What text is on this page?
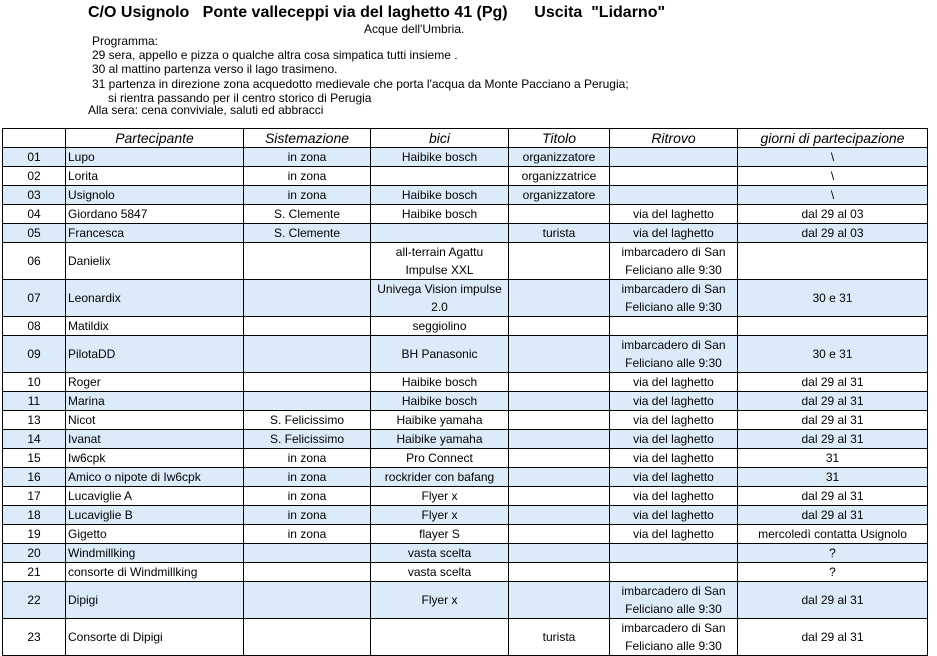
C/O Usignolo   Ponte valleceppi via del laghetto 41 (Pg)      Uscita  "Lidarno"
Acque dell'Umbria.
Programma:
29 sera, appello e pizza o qualche altra cosa simpatica tutti insieme .
30 al mattino partenza verso il lago trasimeno.
31 partenza in direzione zona acquedotto medievale che porta l'acqua da Monte Pacciano a Perugia;
si rientra passando per il centro storico di Perugia
Alla sera: cena conviviale, saluti ed abbracci
	Partecipante	Sistemazione	bici	Titolo	Ritrovo	giorni di partecipazione
01	Lupo	in zona	Haibike bosch	organizzatore		\
02	Lorita	in zona		organizzatrice		\
03	Usignolo	in zona	Haibike bosch	organizzatore		\
04	Giordano 5847	S. Clemente	Haibike bosch		via del laghetto	dal 29 al 03
05	Francesca	S. Clemente		turista	via del laghetto	dal 29 al 03
06	Danielix		all-terrain Agattu
Impulse XXL		imbarcadero di San
Feliciano alle 9:30	

07	Leonardix		Univega Vision impulse
2.0		imbarcadero di San
Feliciano alle 9:30	30 e 31
08	Matildix		seggiolino			

09	PilotaDD		BH Panasonic		imbarcadero di San
Feliciano alle 9:30	30 e 31
10	Roger		Haibike bosch		via del laghetto	dal 29 al 31
11	Marina		Haibike bosch		via del laghetto	dal 29 al 31
13	Nicot	S. Felicissimo	Haibike yamaha		via del laghetto	dal 29 al 31
14	Ivanat	S. Felicissimo	Haibike yamaha		via del laghetto	dal 29 al 31
15	Iw6cpk	in zona	Pro Connect		via del laghetto	31
16	Amico o nipote di Iw6cpk	in zona	rockrider con bafang		via del laghetto	31
17	Lucaviglie A	in zona	Flyer x		via del laghetto	dal 29 al 31
18	Lucaviglie B	in zona	Flyer x		via del laghetto	dal 29 al 31
19	Gigetto	in zona	flayer S		via del laghetto	mercoledì contatta Usignolo
20	Windmillking		vasta scelta			?
21	consorte di Windmillking		vasta scelta			?
22	Dipigi		Flyer x		imbarcadero di San
Feliciano alle 9:30	dal 29 al 31
23	Consorte di Dipigi			turista	imbarcadero di San
Feliciano alle 9:30	dal 29 al 31
